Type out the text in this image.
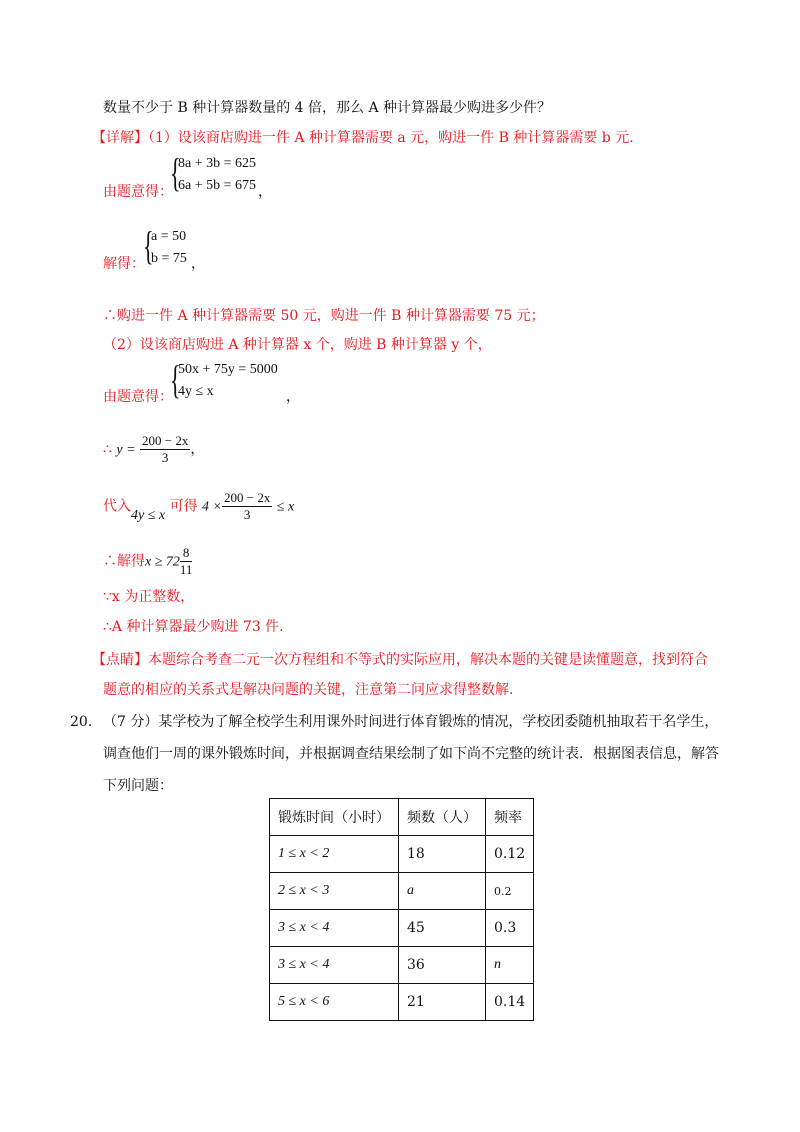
数量不少于 B 种计算器数量的 4 倍，那么 A 种计算器最少购进多少件？
【详解】（1）设该商店购进一件 A 种计算器需要 a 元，购进一件 B 种计算器需要 b 元.
由题意得：
{
8a + 3b = 625
6a + 5b = 675 ，
解得：
{
a = 50
b = 75 ，
∴购进一件 A 种计算器需要 50 元，购进一件 B 种计算器需要 75 元；
（2）设该商店购进 A 种计算器 x 个，购进 B 种计算器 y 个，
由题意得：
{
50x + 75y = 5000
4y ≤ x	，
∴ $y = \frac{200 - 2x}{3}$ ，
代入4y ≤ x 可得 $4 \times \frac{200 - 2x}{3} \le x$
∴解得$x \ge 72 \frac{8}{11}$
∵x 为正整数，
∴A 种计算器最少购进 73 件.
【点睛】本题综合考查二元一次方程组和不等式的实际应用，解决本题的关键是读懂题意，找到符合
题意的相应的关系式是解决问题的关键，注意第二问应求得整数解.
20. （7 分）某学校为了解全校学生利用课外时间进行体育锻炼的情况，学校团委随机抽取若干名学生，
调查他们一周的课外锻炼时间，并根据调查结果绘制了如下尚不完整的统计表．根据图表信息，解答
下列问题：
锻炼时间（小时）	频数（人）	频率
1 ≤ x < 2	18	0.12
2 ≤ x < 3	a	0.2
3 ≤ x < 4	45	0.3
3 ≤ x < 4	36	n
5 ≤ x < 6	21	0.14
